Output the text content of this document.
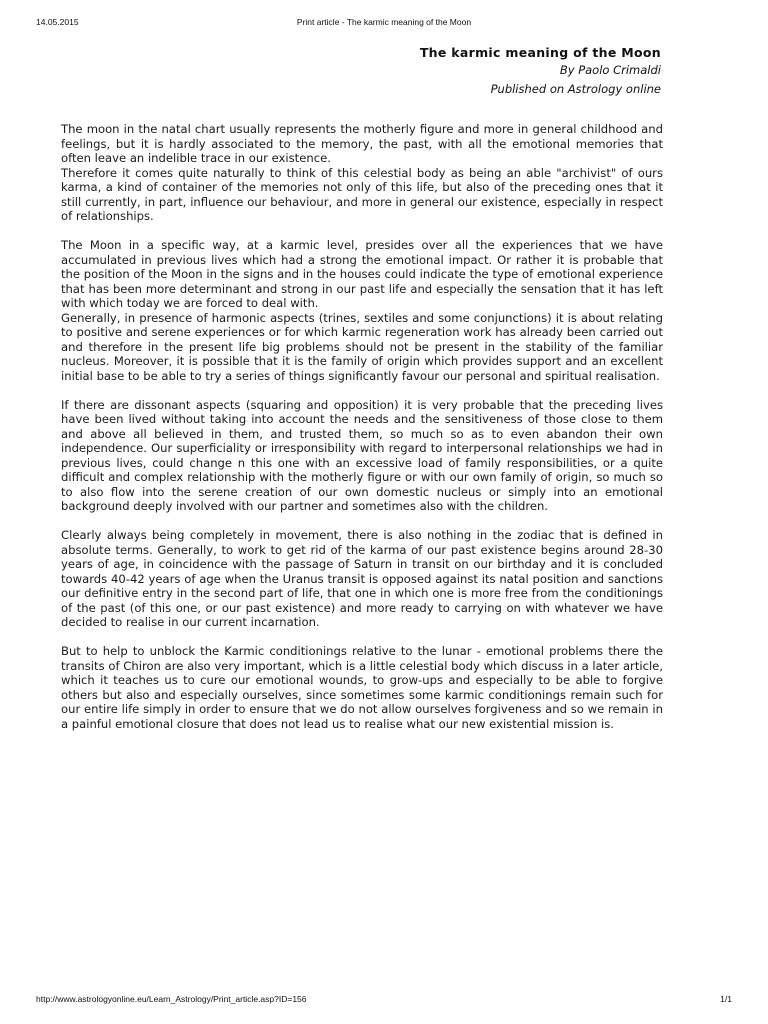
14.05.2015	Print article - The karmic meaning of the Moon
The karmic meaning of the Moon

By Paolo Crimaldi

Published on Astrology online

The moon in the natal chart usually represents the motherly figure and more in general childhood and feelings, but it is hardly associated to the memory, the past, with all the emotional memories that often leave an indelible trace in our existence.
Therefore it comes quite naturally to think of this celestial body as being an able "archivist" of ours karma, a kind of container of the memories not only of this life, but also of the preceding ones that it still currently, in part, influence our behaviour, and more in general our existence, especially in respect of relationships.

The Moon in a specific way, at a karmic level, presides over all the experiences that we have accumulated in previous lives which had a strong the emotional impact. Or rather it is probable that the position of the Moon in the signs and in the houses could indicate the type of emotional experience that has been more determinant and strong in our past life and especially the sensation that it has left with which today we are forced to deal with.
Generally, in presence of harmonic aspects (trines, sextiles and some conjunctions) it is about relating to positive and serene experiences or for which karmic regeneration work has already been carried out and therefore in the present life big problems should not be present in the stability of the familiar nucleus. Moreover, it is possible that it is the family of origin which provides support and an excellent initial base to be able to try a series of things significantly favour our personal and spiritual realisation.

If there are dissonant aspects (squaring and opposition) it is very probable that the preceding lives have been lived without taking into account the needs and the sensitiveness of those close to them and above all believed in them, and trusted them, so much so as to even abandon their own independence. Our superficiality or irresponsibility with regard to interpersonal relationships we had in previous lives, could change n this one with an excessive load of family responsibilities, or a quite difficult and complex relationship with the motherly figure or with our own family of origin, so much so to also flow into the serene creation of our own domestic nucleus or simply into an emotional background deeply involved with our partner and sometimes also with the children.

Clearly always being completely in movement, there is also nothing in the zodiac that is defined in absolute terms. Generally, to work to get rid of the karma of our past existence begins around 28-30 years of age, in coincidence with the passage of Saturn in transit on our birthday and it is concluded towards 40-42 years of age when the Uranus transit is opposed against its natal position and sanctions our definitive entry in the second part of life, that one in which one is more free from the conditionings of the past (of this one, or our past existence) and more ready to carrying on with whatever we have decided to realise in our current incarnation.

But to help to unblock the Karmic conditionings relative to the lunar - emotional problems there the transits of Chiron are also very important, which is a little celestial body which discuss in a later article, which it teaches us to cure our emotional wounds, to grow-ups and especially to be able to forgive others but also and especially ourselves, since sometimes some karmic conditionings remain such for our entire life simply in order to ensure that we do not allow ourselves forgiveness and so we remain in a painful emotional closure that does not lead us to realise what our new existential mission is.

http://www.astrologyonline.eu/Learn_Astrology/Print_article.asp?ID=156	1/1
